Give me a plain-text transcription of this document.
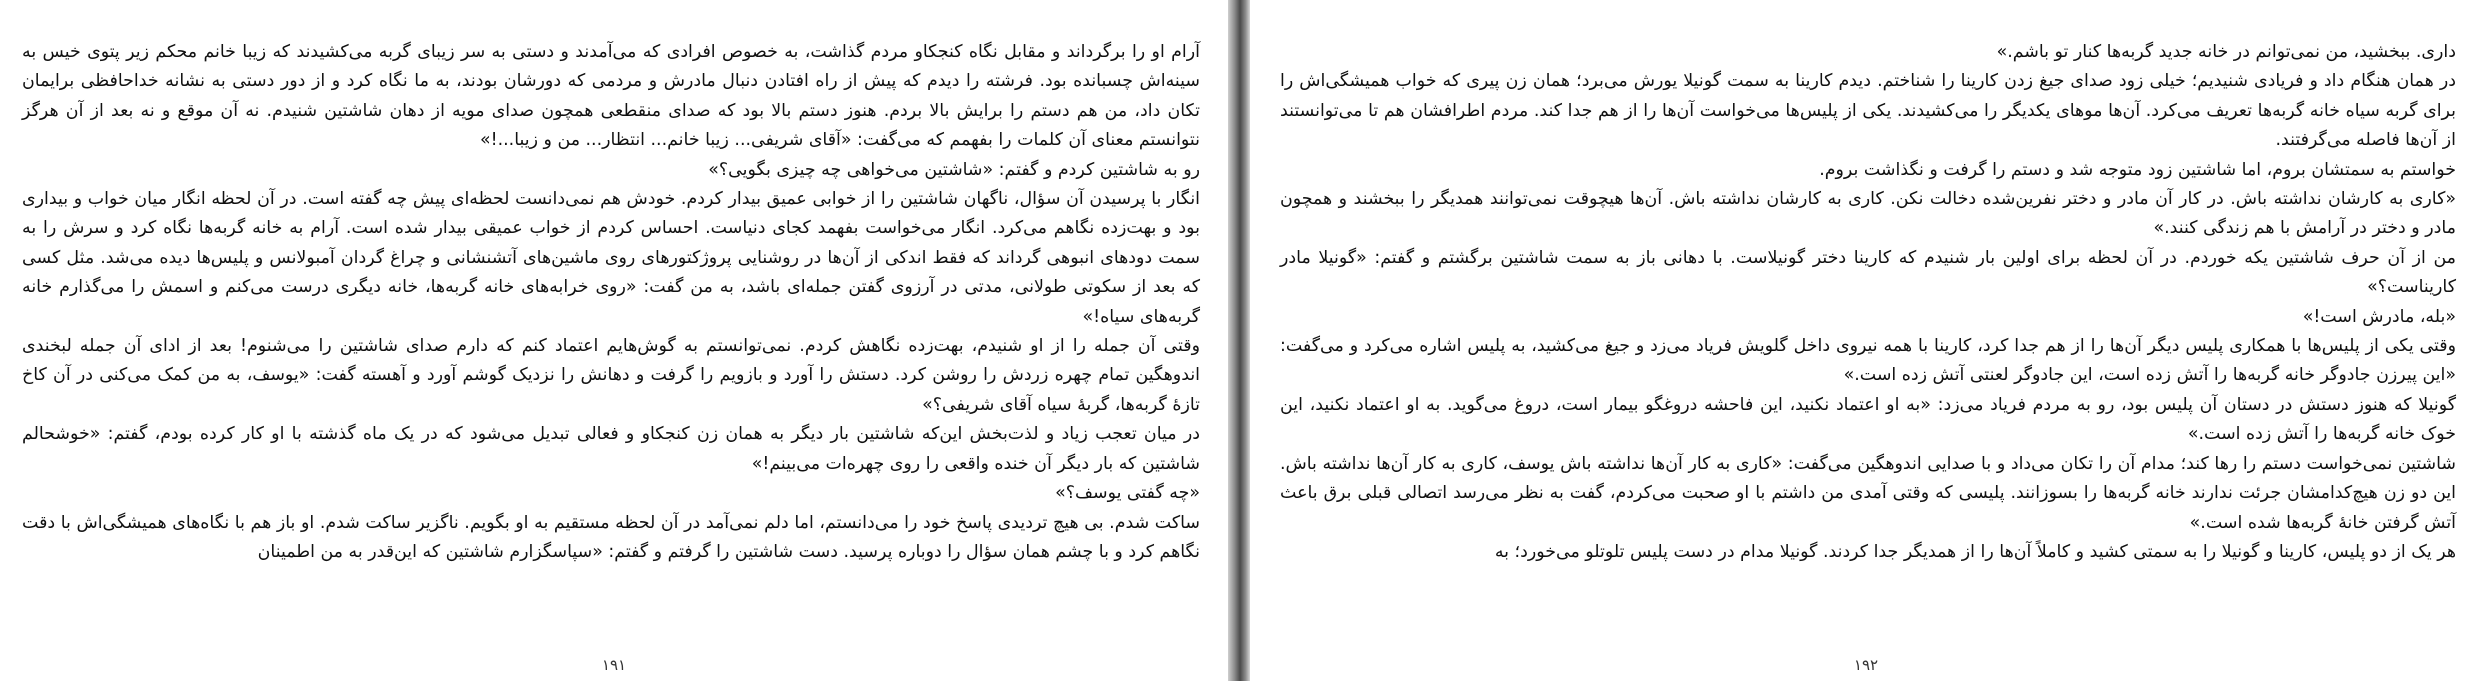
آرام او را برگرداند و مقابل نگاه کنجکاو مردم گذاشت، به خصوص افرادی که می‌آمدند و دستی به سر زیبای گربه می‌کشیدند که زیبا خانم محکم زیر پتوی خیس به سینه‌اش چسبانده بود. فرشته را دیدم که پیش از راه افتادن دنبال مادرش و مردمی که دورشان بودند، به ما نگاه کرد و از دور دستی به نشانه خداحافظی برایمان تکان داد، من هم دستم را برایش بالا بردم. هنوز دستم بالا بود که صدای منقطعی همچون صدای مویه از دهان شاشتین شنیدم. نه آن موقع و نه بعد از آن هرگز نتوانستم معنای آن کلمات را بفهمم که می‌گفت: «آقای شریفی... زیبا خانم... انتظار... من و زیبا...!»

رو به شاشتین کردم و گفتم: «شاشتین می‌خواهی چه چیزی بگویی؟»

انگار با پرسیدن آن سؤال، ناگهان شاشتین را از خوابی عمیق بیدار کردم. خودش هم نمی‌دانست لحظه‌ای پیش چه گفته است. در آن لحظه انگار میان خواب و بیداری بود و بهت‌زده نگاهم می‌کرد. انگار می‌خواست بفهمد کجای دنیاست. احساس کردم از خواب عمیقی بیدار شده است. آرام به خانه گربه‌ها نگاه کرد و سرش را به سمت دودهای انبوهی گرداند که فقط اندکی از آن‌ها در روشنایی پروژکتورهای روی ماشین‌های آتشنشانی و چراغ گردان آمبولانس و پلیس‌ها دیده می‌شد. مثل کسی که بعد از سکوتی طولانی، مدتی در آرزوی گفتن جمله‌ای باشد، به من گفت: «روی خرابه‌های خانه گربه‌ها، خانه دیگری درست می‌کنم و اسمش را می‌گذارم خانه گربه‌های سیاه!»

وقتی آن جمله را از او شنیدم، بهت‌زده نگاهش کردم. نمی‌توانستم به گوش‌هایم اعتماد کنم که دارم صدای شاشتین را می‌شنوم! بعد از ادای آن جمله لبخندی اندوهگین تمام چهره زردش را روشن کرد. دستش را آورد و بازویم را گرفت و دهانش را نزدیک گوشم آورد و آهسته گفت: «یوسف، به من کمک می‌کنی در آن کاخ تازهٔ گربه‌ها، گربهٔ سیاه آقای شریفی؟»

در میان تعجب زیاد و لذت‌بخش این‌که شاشتین بار دیگر به همان زن کنجکاو و فعالی تبدیل می‌شود که در یک ماه گذشته با او کار کرده بودم، گفتم: «خوشحالم شاشتین که بار دیگر آن خنده واقعی را روی چهره‌ات می‌بینم!»

«چه گفتی یوسف؟»

ساکت شدم. بی هیچ تردیدی پاسخ خود را می‌دانستم، اما دلم نمی‌آمد در آن لحظه مستقیم به او بگویم. ناگزیر ساکت شدم. او باز هم با نگاه‌های همیشگی‌اش با دقت نگاهم کرد و با چشم همان سؤال را دوباره پرسید. دست شاشتین را گرفتم و گفتم: «سپاسگزارم شاشتین که این‌قدر به من اطمینان

۱۹۱

داری. ببخشید، من نمی‌توانم در خانه جدید گربه‌ها کنار تو باشم.»

در همان هنگام داد و فریادی شنیدیم؛ خیلی زود صدای جیغ زدن کارینا را شناختم. دیدم کارینا به سمت گونیلا یورش می‌برد؛ همان زن پیری که خواب همیشگی‌اش را برای گربه سیاه خانه گربه‌ها تعریف می‌کرد. آن‌ها موهای یکدیگر را می‌کشیدند. یکی از پلیس‌ها می‌خواست آن‌ها را از هم جدا کند. مردم اطرافشان هم تا می‌توانستند از آن‌ها فاصله می‌گرفتند.

خواستم به سمتشان بروم، اما شاشتین زود متوجه شد و دستم را گرفت و نگذاشت بروم.

«کاری به کارشان نداشته باش. در کار آن مادر و دختر نفرین‌شده دخالت نکن. کاری به کارشان نداشته باش. آن‌ها هیچوقت نمی‌توانند همدیگر را ببخشند و همچون مادر و دختر در آرامش با هم زندگی کنند.»

من از آن حرف شاشتین یکه خوردم. در آن لحظه برای اولین بار شنیدم که کارینا دختر گونیلاست. با دهانی باز به سمت شاشتین برگشتم و گفتم: «گونیلا مادر کاریناست؟»

«بله، مادرش است!»

وقتی یکی از پلیس‌ها با همکاری پلیس دیگر آن‌ها را از هم جدا کرد، کارینا با همه نیروی داخل گلویش فریاد می‌زد و جیغ می‌کشید، به پلیس اشاره می‌کرد و می‌گفت: «این پیرزن جادوگر خانه گربه‌ها را آتش زده است، این جادوگر لعنتی آتش زده است.»

گونیلا که هنوز دستش در دستان آن پلیس بود، رو به مردم فریاد می‌زد: «به او اعتماد نکنید، این فاحشه دروغگو بیمار است، دروغ می‌گوید. به او اعتماد نکنید، این خوک خانه گربه‌ها را آتش زده است.»

شاشتین نمی‌خواست دستم را رها کند؛ مدام آن را تکان می‌داد و با صدایی اندوهگین می‌گفت: «کاری به کار آن‌ها نداشته باش یوسف، کاری به کار آن‌ها نداشته باش. این دو زن هیچ‌کدامشان جرئت ندارند خانه گربه‌ها را بسوزانند. پلیسی که وقتی آمدی من داشتم با او صحبت می‌کردم، گفت به نظر می‌رسد اتصالی قبلی برق باعث آتش گرفتن خانهٔ گربه‌ها شده است.»

هر یک از دو پلیس، کارینا و گونیلا را به سمتی کشید و کاملاً آن‌ها را از همدیگر جدا کردند. گونیلا مدام در دست پلیس تلوتلو می‌خورد؛ به

۱۹۲
